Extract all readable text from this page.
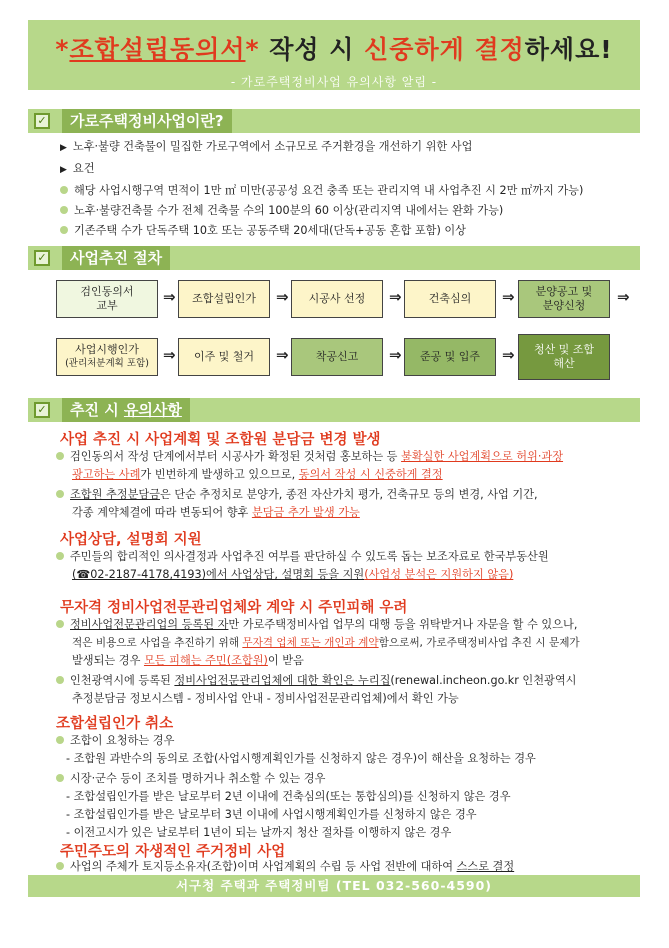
*조합설립동의서* 작성 시 신중하게 결정하세요!
- 가로주택정비사업 유의사항 알림 -
✓	가로주택정비사업이란?
▶ 노후·불량 건축물이 밀집한 가로구역에서 소규모로 주거환경을 개선하기 위한 사업
▶ 요건
해당 사업시행구역 면적이 1만 ㎡ 미만(공공성 요건 충족 또는 관리지역 내 사업추진 시 2만 ㎡까지 가능)
노후·불량건축물 수가 전체 건축물 수의 100분의 60 이상(관리지역 내에서는 완화 가능)
기존주택 수가 단독주택 10호 또는 공동주택 20세대(단독+공동 혼합 포함) 이상
✓	사업추진 절차
검인동의서
교부	⇒ 조합설립인가 ⇒ 시공사 선정 ⇒ 건축심의 ⇒ 분양공고 및
분양신청	⇒
사업시행인가
(관리처분계획 포함) ⇒ 이주 및 철거 ⇒ 착공신고 ⇒ 준공 및 입주 ⇒ 청산 및 조합
해산
✓	추진 시 유의사항
사업 추진 시 사업계획 및 조합원 분담금 변경 발생
검인동의서 작성 단계에서부터 시공사가 확정된 것처럼 홍보하는 등 불확실한 사업계획으로 허위·과장
광고하는 사례가 빈번하게 발생하고 있으므로, 동의서 작성 시 신중하게 결정
조합원 추정분담금은 단순 추정치로 분양가, 종전 자산가치 평가, 건축규모 등의 변경, 사업 기간,
각종 계약체결에 따라 변동되어 향후 분담금 추가 발생 가능
사업상담, 설명회 지원
주민들의 합리적인 의사결정과 사업추진 여부를 판단하실 수 있도록 돕는 보조자료로 한국부동산원
(☎02-2187-4178,4193)에서 사업상담, 설명회 등을 지원(사업성 분석은 지원하지 않음)
무자격 정비사업전문관리업체와 계약 시 주민피해 우려
정비사업전문관리업의 등록된 자만 가로주택정비사업 업무의 대행 등을 위탁받거나 자문을 할 수 있으나,
적은 비용으로 사업을 추진하기 위해 무자격 업체 또는 개인과 계약함으로써, 가로주택정비사업 추진 시 문제가
발생되는 경우 모든 피해는 주민(조합원)이 받음
인천광역시에 등록된 정비사업전문관리업체에 대한 확인은 누리집(renewal.incheon.go.kr 인천광역시
추정분담금 정보시스템 - 정비사업 안내 - 정비사업전문관리업체)에서 확인 가능
조합설립인가 취소
조합이 요청하는 경우
- 조합원 과반수의 동의로 조합(사업시행계획인가를 신청하지 않은 경우)이 해산을 요청하는 경우
시장·군수 등이 조치를 명하거나 취소할 수 있는 경우
- 조합설립인가를 받은 날로부터 2년 이내에 건축심의(또는 통합심의)를 신청하지 않은 경우
- 조합설립인가를 받은 날로부터 3년 이내에 사업시행계획인가를 신청하지 않은 경우
- 이전고시가 있은 날로부터 1년이 되는 날까지 청산 절차를 이행하지 않은 경우
주민주도의 자생적인 주거정비 사업
사업의 주체가 토지등소유자(조합)이며 사업계획의 수립 등 사업 전반에 대하여 스스로 결정
서구청 주택과 주택정비팀 (TEL 032-560-4590)
